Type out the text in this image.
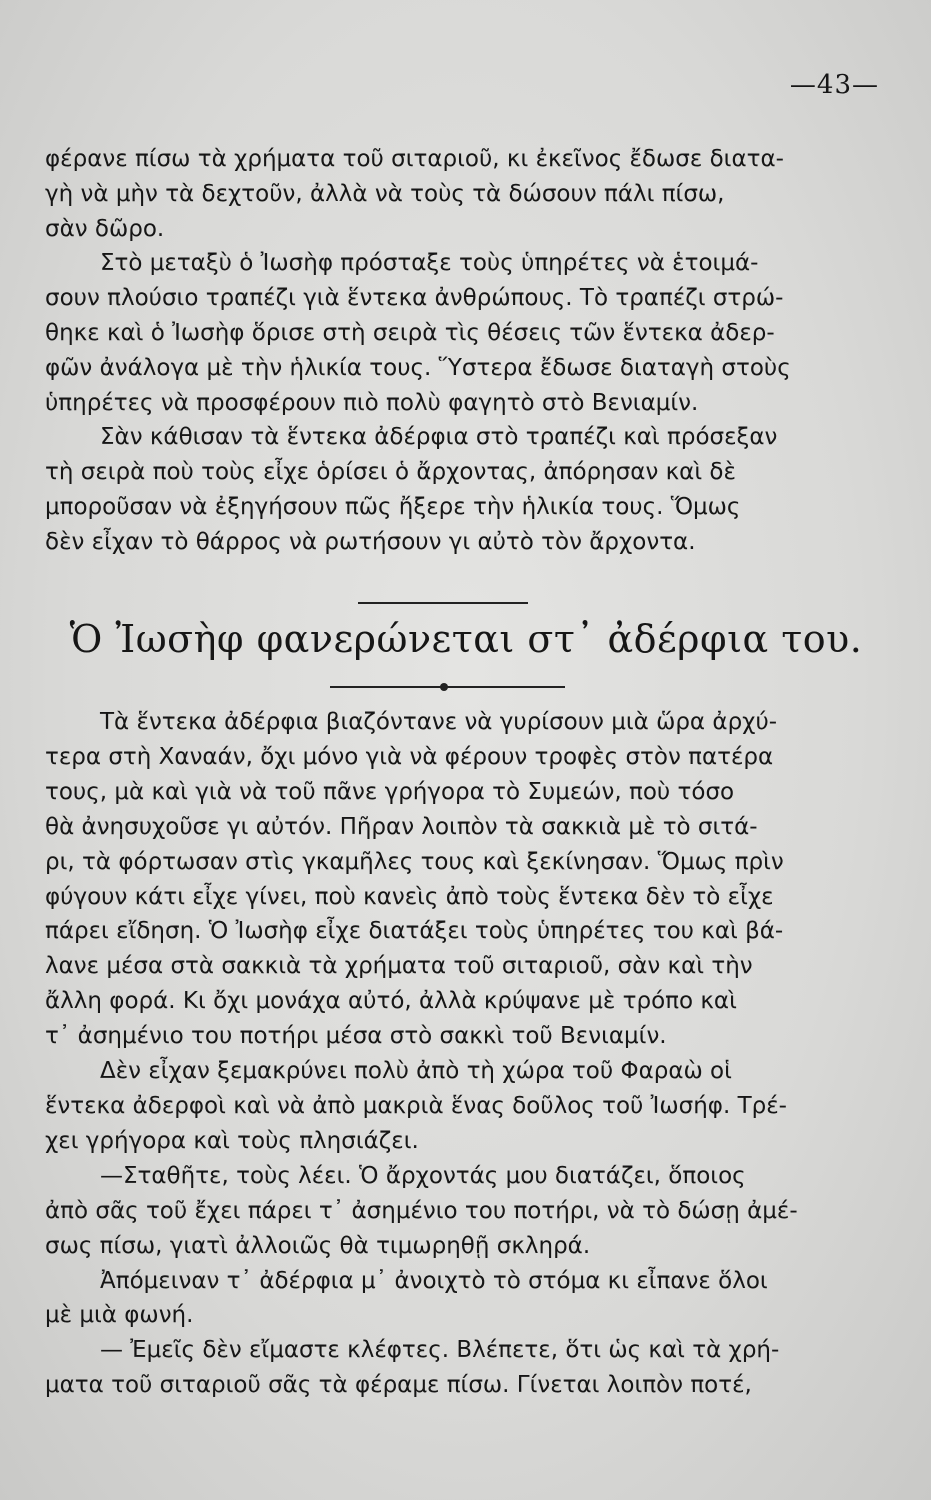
—43—

φέρανε πίσω τὰ χρήματα τοῦ σιταριοῦ, κι ἐκεῖνος ἔδωσε διατα-
γὴ νὰ μὴν τὰ δεχτοῦν, ἀλλὰ νὰ τοὺς τὰ δώσουν πάλι πίσω,
σὰν δῶρο.

Στὸ μεταξὺ ὁ Ἰωσὴφ πρόσταξε τοὺς ὑπηρέτες νὰ ἑτοιμά-
σουν πλούσιο τραπέζι γιὰ ἕντεκα ἀνθρώπους. Τὸ τραπέζι στρώ-
θηκε καὶ ὁ Ἰωσὴφ ὅρισε στὴ σειρὰ τὶς θέσεις τῶν ἕντεκα ἀδερ-
φῶν ἀνάλογα μὲ τὴν ἡλικία τους. Ὕστερα ἔδωσε διαταγὴ στοὺς
ὑπηρέτες νὰ προσφέρουν πιὸ πολὺ φαγητὸ στὸ Βενιαμίν.

Σὰν κάθισαν τὰ ἕντεκα ἀδέρφια στὸ τραπέζι καὶ πρόσεξαν
τὴ σειρὰ ποὺ τοὺς εἶχε ὁρίσει ὁ ἄρχοντας, ἀπόρησαν καὶ δὲ
μποροῦσαν νὰ ἐξηγήσουν πῶς ἤξερε τὴν ἡλικία τους. Ὅμως
δὲν εἶχαν τὸ θάρρος νὰ ρωτήσουν γι αὐτὸ τὸν ἄρχοντα.

Ὁ Ἰωσὴφ φανερώνεται στ᾿ ἀδέρφια του.

Τὰ ἕντεκα ἀδέρφια βιαζόντανε νὰ γυρίσουν μιὰ ὥρα ἀρχύ-
τερα στὴ Χαναάν, ὄχι μόνο γιὰ νὰ φέρουν τροφὲς στὸν πατέρα
τους, μὰ καὶ γιὰ νὰ τοῦ πᾶνε γρήγορα τὸ Συμεών, ποὺ τόσο
θὰ ἀνησυχοῦσε γι αὐτόν. Πῆραν λοιπὸν τὰ σακκιὰ μὲ τὸ σιτά-
ρι, τὰ φόρτωσαν στὶς γκαμῆλες τους καὶ ξεκίνησαν. Ὅμως πρὶν
φύγουν κάτι εἶχε γίνει, ποὺ κανεὶς ἀπὸ τοὺς ἕντεκα δὲν τὸ εἶχε
πάρει εἴδηση. Ὁ Ἰωσὴφ εἶχε διατάξει τοὺς ὑπηρέτες του καὶ βά-
λανε μέσα στὰ σακκιὰ τὰ χρήματα τοῦ σιταριοῦ, σὰν καὶ τὴν
ἄλλη φορά. Κι ὄχι μονάχα αὐτό, ἀλλὰ κρύψανε μὲ τρόπο καὶ
τ᾿ ἀσημένιο του ποτήρι μέσα στὸ σακκὶ τοῦ Βενιαμίν.

Δὲν εἶχαν ξεμακρύνει πολὺ ἀπὸ τὴ χώρα τοῦ Φαραὼ οἱ
ἕντεκα ἀδερφοὶ καὶ νὰ ἀπὸ μακριὰ ἕνας δοῦλος τοῦ Ἰωσήφ. Τρέ-
χει γρήγορα καὶ τοὺς πλησιάζει.

—Σταθῆτε, τοὺς λέει. Ὁ ἄρχοντάς μου διατάζει, ὅποιος
ἀπὸ σᾶς τοῦ ἔχει πάρει τ᾿ ἀσημένιο του ποτήρι, νὰ τὸ δώσῃ ἀμέ-
σως πίσω, γιατὶ ἀλλοιῶς θὰ τιμωρηθῇ σκληρά.

Ἀπόμειναν τ᾿ ἀδέρφια μ᾿ ἀνοιχτὸ τὸ στόμα κι εἶπανε ὅλοι
μὲ μιὰ φωνή.

— Ἐμεῖς δὲν εἴμαστε κλέφτες. Βλέπετε, ὅτι ὡς καὶ τὰ χρή-
ματα τοῦ σιταριοῦ σᾶς τὰ φέραμε πίσω. Γίνεται λοιπὸν ποτέ,
